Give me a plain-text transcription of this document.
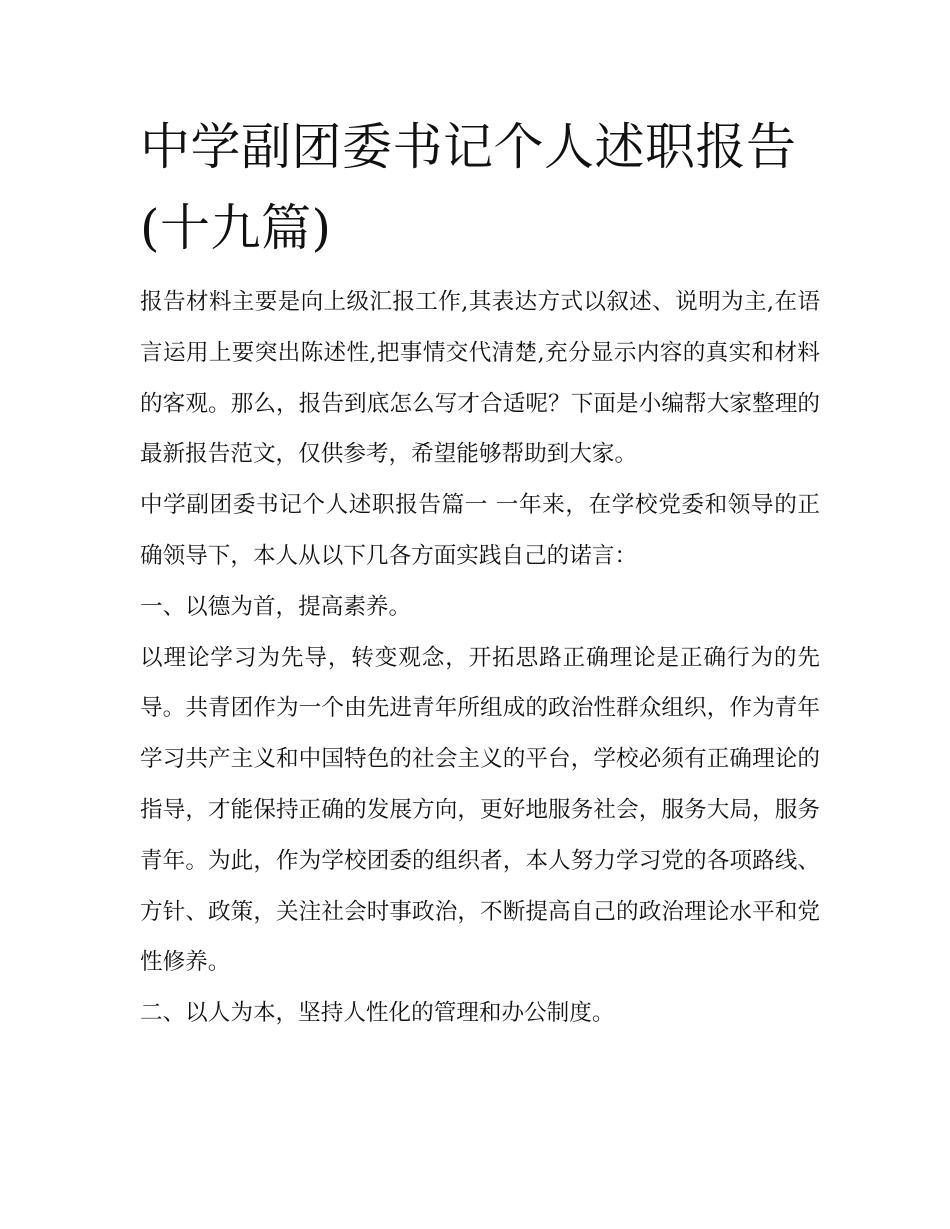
中学副团委书记个人述职报告
(十九篇)

报告材料主要是向上级汇报工作,其表达方式以叙述、说明为主,在语言运用上要突出陈述性,把事情交代清楚,充分显示内容的真实和材料的客观。那么，报告到底怎么写才合适呢？下面是小编帮大家整理的最新报告范文，仅供参考，希望能够帮助到大家。

中学副团委书记个人述职报告篇一 一年来，在学校党委和领导的正确领导下，本人从以下几各方面实践自己的诺言：

一、以德为首，提高素养。

以理论学习为先导，转变观念，开拓思路正确理论是正确行为的先导。共青团作为一个由先进青年所组成的政治性群众组织，作为青年学习共产主义和中国特色的社会主义的平台，学校必须有正确理论的指导，才能保持正确的发展方向，更好地服务社会，服务大局，服务青年。为此，作为学校团委的组织者，本人努力学习党的各项路线、方针、政策，关注社会时事政治，不断提高自己的政治理论水平和党性修养。

二、以人为本，坚持人性化的管理和办公制度。
